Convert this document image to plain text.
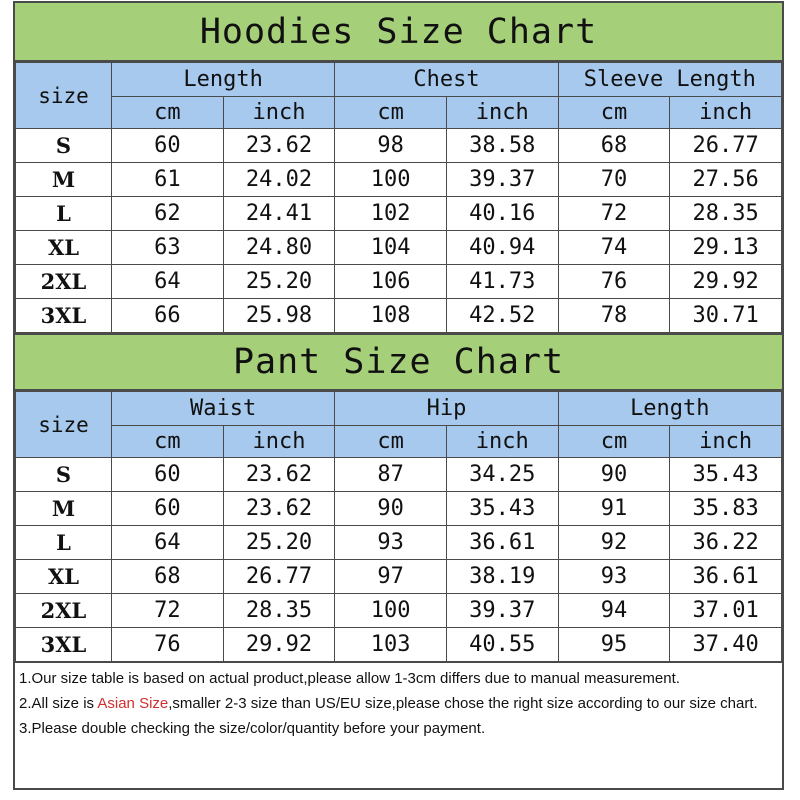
Hoodies Size Chart
size	Length		Chest		Sleeve Length	
	cm	inch	cm	inch	cm	inch
S	60	23.62	98	38.58	68	26.77
M	61	24.02	100	39.37	70	27.56
L	62	24.41	102	40.16	72	28.35
XL	63	24.80	104	40.94	74	29.13
2XL	64	25.20	106	41.73	76	29.92
3XL	66	25.98	108	42.52	78	30.71
Pant Size Chart
size	Waist		Hip		Length	
	cm	inch	cm	inch	cm	inch
S	60	23.62	87	34.25	90	35.43
M	60	23.62	90	35.43	91	35.83
L	64	25.20	93	36.61	92	36.22
XL	68	26.77	97	38.19	93	36.61
2XL	72	28.35	100	39.37	94	37.01
3XL	76	29.92	103	40.55	95	37.40

1.Our size table is based on actual product,please allow 1-3cm differs due to manual measurement.

2.All size is Asian Size,smaller 2-3 size than US/EU size,please chose the right size according to our size chart.

3.Please double checking the size/color/quantity before your payment.
